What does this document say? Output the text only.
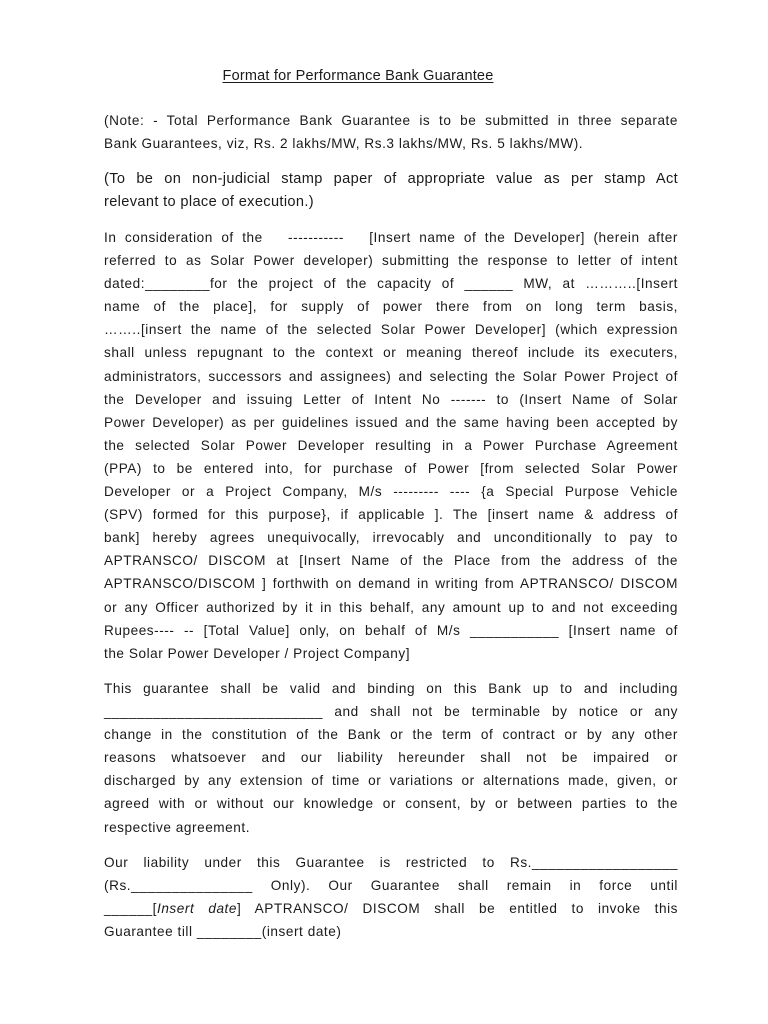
Format for Performance Bank Guarantee

(Note: - Total Performance Bank Guarantee is to be submitted in three separate
Bank Guarantees, viz, Rs. 2 lakhs/MW, Rs.3 lakhs/MW, Rs. 5 lakhs/MW).

(To be on non-judicial stamp paper of appropriate value as per stamp Act
relevant to place of execution.)

In consideration of the   -----------   [Insert name of the Developer] (herein after
referred to as Solar Power developer) submitting the response to letter of intent
dated:________for the project of the capacity of ______ MW, at ………..[Insert
name of the place], for supply of power there from on long term basis,
……..[insert the name of the selected Solar Power Developer] (which expression
shall unless repugnant to the context or meaning thereof include its executers,
administrators, successors and assignees) and selecting the Solar Power Project of
the Developer and issuing Letter of Intent No ------- to (Insert Name of Solar
Power Developer) as per guidelines issued and the same having been accepted by
the selected Solar Power Developer resulting in a Power Purchase Agreement
(PPA) to be entered into, for purchase of Power [from selected Solar Power
Developer or a Project Company, M/s --------- ---- {a Special Purpose Vehicle
(SPV) formed for this purpose}, if applicable ]. The [insert name & address of
bank] hereby agrees unequivocally, irrevocably and unconditionally to pay to
APTRANSCO/ DISCOM at [Insert Name of the Place from the address of the
APTRANSCO/DISCOM ] forthwith on demand in writing from APTRANSCO/ DISCOM
or any Officer authorized by it in this behalf, any amount up to and not exceeding
Rupees---- -- [Total Value] only, on behalf of M/s ___________ [Insert name of
the Solar Power Developer / Project Company]

This guarantee shall be valid and binding on this Bank up to and including
___________________________ and shall not be terminable by notice or any
change in the constitution of the Bank or the term of contract or by any other
reasons whatsoever and our liability hereunder shall not be impaired or
discharged by any extension of time or variations or alternations made, given, or
agreed with or without our knowledge or consent, by or between parties to the
respective agreement.

Our liability under this Guarantee is restricted to Rs.__________________
(Rs._______________ Only). Our Guarantee shall remain in force until
______[Insert date] APTRANSCO/ DISCOM shall be entitled to invoke this
Guarantee till ________(insert date)
